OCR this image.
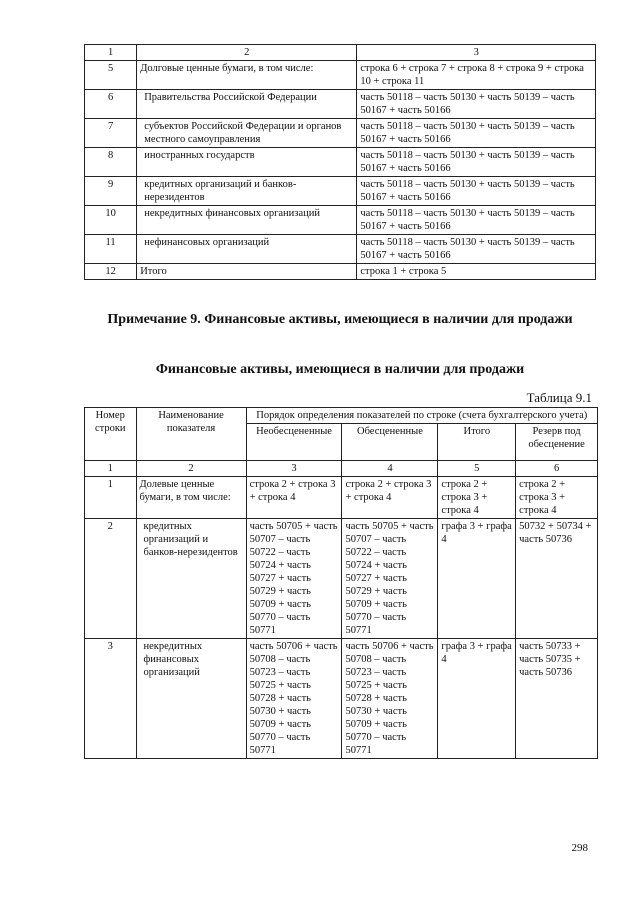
1	2	3
5	Долговые ценные бумаги, в том числе:	строка 6 + строка 7 + строка 8 + строка 9 + строка 10 + строка 11
6	Правительства Российской Федерации	часть 50118 – часть 50130 + часть 50139 – часть 50167 + часть 50166
7	субъектов Российской Федерации и органов местного самоуправления	часть 50118 – часть 50130 + часть 50139 – часть 50167 + часть 50166
8	иностранных государств	часть 50118 – часть 50130 + часть 50139 – часть 50167 + часть 50166
9	кредитных организаций и банков-нерезидентов	часть 50118 – часть 50130 + часть 50139 – часть 50167 + часть 50166
10	некредитных финансовых организаций	часть 50118 – часть 50130 + часть 50139 – часть 50167 + часть 50166
11	нефинансовых организаций	часть 50118 – часть 50130 + часть 50139 – часть 50167 + часть 50166
12	Итого	строка 1 + строка 5
Примечание 9. Финансовые активы, имеющиеся в наличии для продажи
Финансовые активы, имеющиеся в наличии для продажи
Таблица 9.1
Номер строки	Наименование показателя	Порядок определения показателей по строке (счета бухгалтерского учета)			
		Необесцененные	Обесцененные	Итого	Резерв под обесценение
1	2	3	4	5	6
1	Долевые ценные бумаги, в том числе:	строка 2 + строка 3 + строка 4	строка 2 + строка 3 + строка 4	строка 2 + строка 3 + строка 4	строка 2 + строка 3 + строка 4
2	кредитных организаций и банков-нерезидентов	часть 50705 + часть 50707 – часть 50722 – часть 50724 + часть 50727 + часть 50729 + часть 50709 + часть 50770 – часть 50771	часть 50705 + часть 50707 – часть 50722 – часть 50724 + часть 50727 + часть 50729 + часть 50709 + часть 50770 – часть 50771	графа 3 + графа 4	50732 + 50734 + часть 50736
3	некредитных финансовых организаций	часть 50706 + часть 50708 – часть 50723 – часть 50725 + часть 50728 + часть 50730 + часть 50709 + часть 50770 – часть 50771	часть 50706 + часть 50708 – часть 50723 – часть 50725 + часть 50728 + часть 50730 + часть 50709 + часть 50770 – часть 50771	графа 3 + графа 4	часть 50733 + часть 50735 + часть 50736
298
